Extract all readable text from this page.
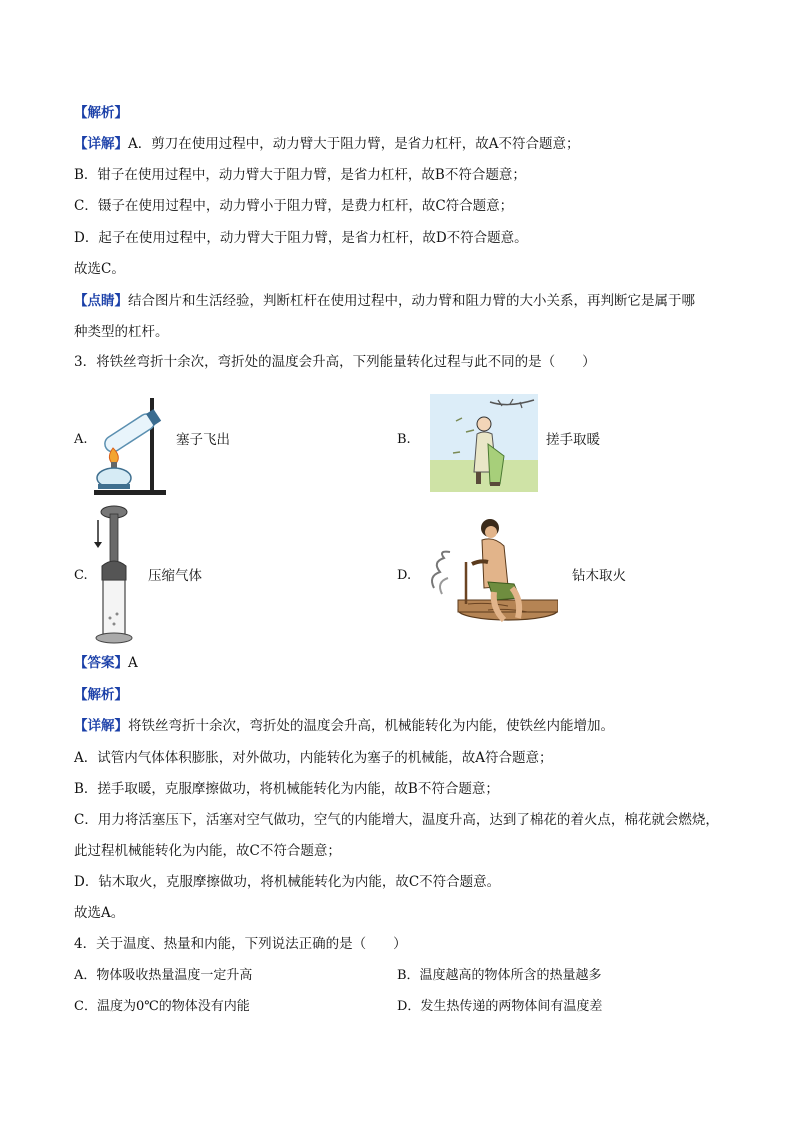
【解析】
【详解】A．剪刀在使用过程中，动力臂大于阻力臂，是省力杠杆，故A不符合题意；
B．钳子在使用过程中，动力臂大于阻力臂，是省力杠杆，故B不符合题意；
C．镊子在使用过程中，动力臂小于阻力臂，是费力杠杆，故C符合题意；
D．起子在使用过程中，动力臂大于阻力臂，是省力杠杆，故D不符合题意。
故选C。
【点睛】结合图片和生活经验，判断杠杆在使用过程中，动力臂和阻力臂的大小关系，再判断它是属于哪
种类型的杠杆。
3．将铁丝弯折十余次，弯折处的温度会升高，下列能量转化过程与此不同的是（　　）
A.	塞子飞出	B.	搓手取暖
C.	压缩气体	D.	钻木取火
【答案】A
【解析】
【详解】将铁丝弯折十余次，弯折处的温度会升高，机械能转化为内能，使铁丝内能增加。
A．试管内气体体积膨胀，对外做功，内能转化为塞子的机械能，故A符合题意；
B．搓手取暖，克服摩擦做功，将机械能转化为内能，故B不符合题意；
C．用力将活塞压下，活塞对空气做功，空气的内能增大，温度升高，达到了棉花的着火点，棉花就会燃烧，
此过程机械能转化为内能，故C不符合题意；
D．钻木取火，克服摩擦做功，将机械能转化为内能，故C不符合题意。
故选A。
4．关于温度、热量和内能，下列说法正确的是（　　）
A．物体吸收热量温度一定升高	B．温度越高的物体所含的热量越多
C．温度为0℃的物体没有内能	D．发生热传递的两物体间有温度差
